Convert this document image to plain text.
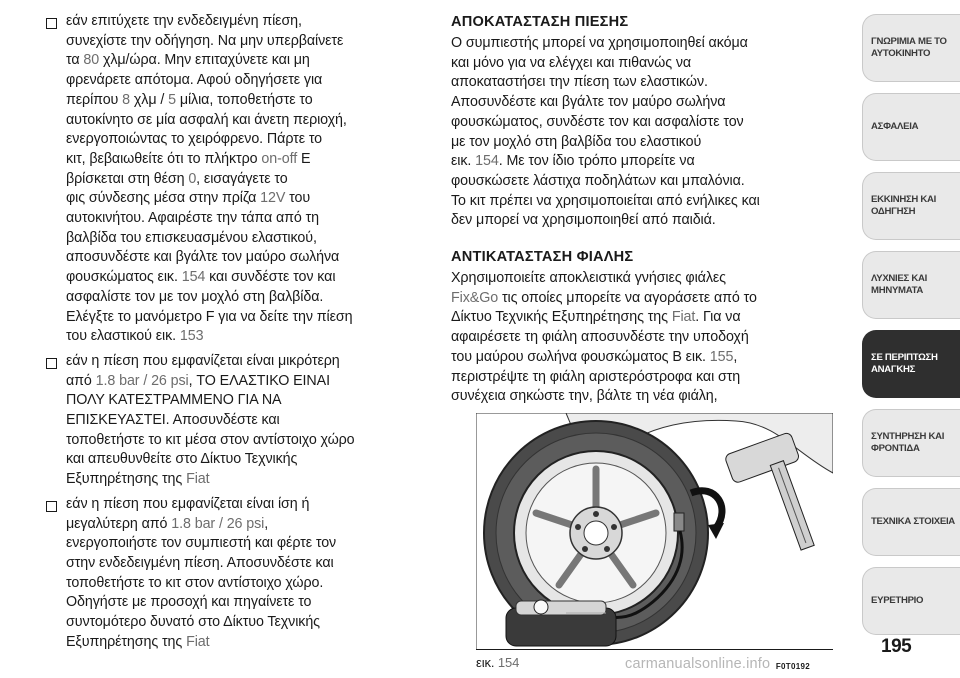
εάν επιτύχετε την ενδεδειγμένη πίεση,
συνεχίστε την οδήγηση. Να μην υπερβαίνετε
τα 80 χλμ/ώρα. Μην επιταχύνετε και μη
φρενάρετε απότομα. Αφού οδηγήσετε για
περίπου 8 χλμ / 5 μίλια, τοποθετήστε το
αυτοκίνητο σε μία ασφαλή και άνετη περιοχή,
ενεργοποιώντας το χειρόφρενο. Πάρτε το
κιτ, βεβαιωθείτε ότι το πλήκτρο on-off E
βρίσκεται στη θέση 0, εισαγάγετε το
φις σύνδεσης μέσα στην πρίζα 12V του
αυτοκινήτου. Αφαιρέστε την τάπα από τη
βαλβίδα του επισκευασμένου ελαστικού,
αποσυνδέστε και βγάλτε τον μαύρο σωλήνα
φουσκώματος εικ. 154 και συνδέστε τον και
ασφαλίστε τον με τον μοχλό στη βαλβίδα.
Ελέγξτε το μανόμετρο F για να δείτε την πίεση
του ελαστικού εικ. 153
εάν η πίεση που εμφανίζεται είναι μικρότερη
από 1.8 bar / 26 psi, ΤΟ ΕΛΑΣΤΙΚΟ ΕΙΝΑΙ
ΠΟΛΥ ΚΑΤΕΣΤΡΑΜΜΕΝΟ ΓΙΑ ΝΑ
ΕΠΙΣΚΕΥΑΣΤΕΙ. Αποσυνδέστε και
τοποθετήστε το κιτ μέσα στον αντίστοιχο χώρο
και απευθυνθείτε στο Δίκτυο Τεχνικής
Εξυπηρέτησης της Fiat
εάν η πίεση που εμφανίζεται είναι ίση ή
μεγαλύτερη από 1.8 bar / 26 psi,
ενεργοποιήστε τον συμπιεστή και φέρτε τον
στην ενδεδειγμένη πίεση. Αποσυνδέστε και
τοποθετήστε το κιτ στον αντίστοιχο χώρο.
Οδηγήστε με προσοχή και πηγαίνετε το
συντομότερο δυνατό στο Δίκτυο Τεχνικής
Εξυπηρέτησης της Fiat
ΑΠΟΚΑΤΑΣΤΑΣΗ ΠΙΕΣΗΣ
Ο συμπιεστής μπορεί να χρησιμοποιηθεί ακόμα
και μόνο για να ελέγχει και πιθανώς να
αποκαταστήσει την πίεση των ελαστικών.
Αποσυνδέστε και βγάλτε τον μαύρο σωλήνα
φουσκώματος, συνδέστε τον και ασφαλίστε τον
με τον μοχλό στη βαλβίδα του ελαστικού
εικ. 154. Με τον ίδιο τρόπο μπορείτε να
φουσκώσετε λάστιχα ποδηλάτων και μπαλόνια.
Το κιτ πρέπει να χρησιμοποιείται από ενήλικες και
δεν μπορεί να χρησιμοποιηθεί από παιδιά.
ΑΝΤΙΚΑΤΑΣΤΑΣΗ ΦΙΑΛΗΣ
Χρησιμοποιείτε αποκλειστικά γνήσιες φιάλες
Fix&Go τις οποίες μπορείτε να αγοράσετε από το
Δίκτυο Τεχνικής Εξυπηρέτησης της Fiat. Για να
αφαιρέσετε τη φιάλη αποσυνδέστε την υποδοχή
του μαύρου σωλήνα φουσκώματος B εικ. 155,
περιστρέψτε τη φιάλη αριστερόστροφα και στη
συνέχεια σηκώστε την, βάλτε τη νέα φιάλη,
εικ. 154	F0T0192
ΓΝΩΡΙΜΙΑ ΜΕ ΤΟ ΑΥΤΟΚΙΝΗΤΟ
ΑΣΦΑΛΕΙΑ
ΕΚΚΙΝΗΣΗ ΚΑΙ ΟΔΗΓΗΣΗ
ΛΥΧΝΙΕΣ ΚΑΙ ΜΗΝΥΜΑΤΑ
ΣΕ ΠΕΡΙΠΤΩΣΗ ΑΝΑΓΚΗΣ
ΣΥΝΤΗΡΗΣΗ ΚΑΙ ΦΡΟΝΤΙΔΑ
ΤΕΧΝΙΚΑ ΣΤΟΙΧΕΙΑ
ΕΥΡΕΤΗΡΙΟ
195
carmanualsonline.info
